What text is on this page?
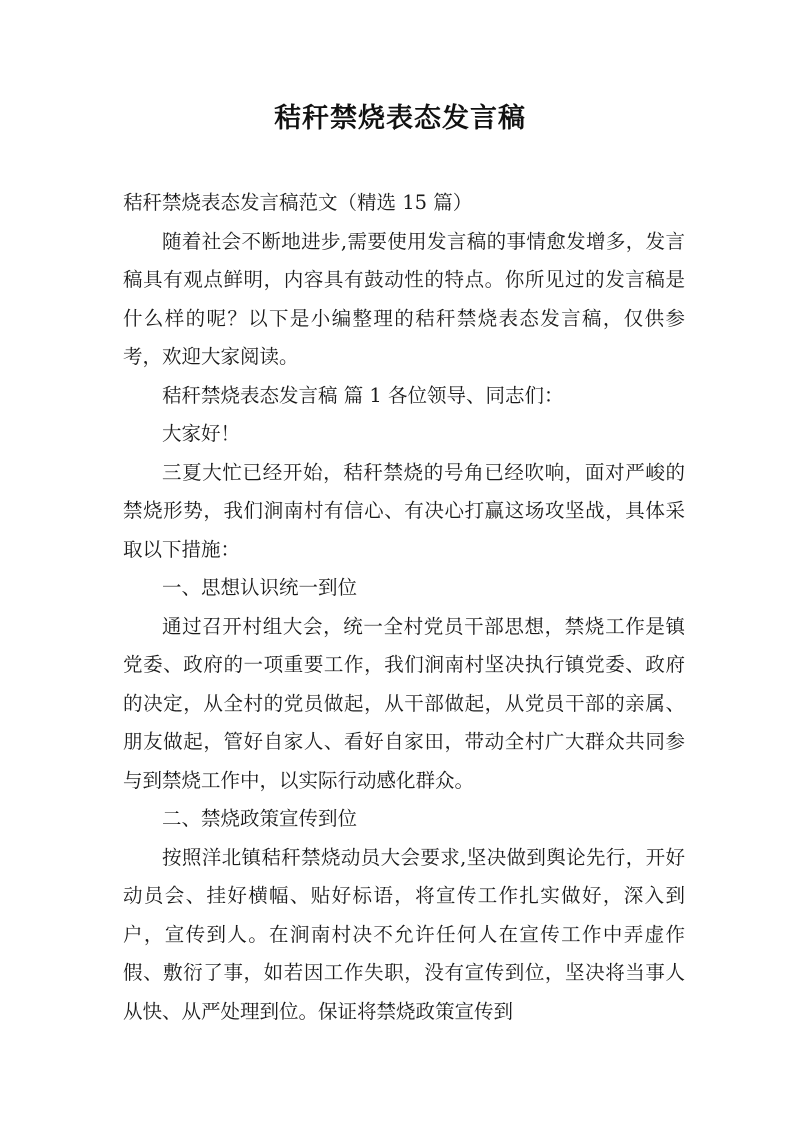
秸秆禁烧表态发言稿

秸秆禁烧表态发言稿范文（精选 15 篇）

随着社会不断地进步,需要使用发言稿的事情愈发增多，发言稿具有观点鲜明，内容具有鼓动性的特点。你所见过的发言稿是什么样的呢？以下是小编整理的秸秆禁烧表态发言稿，仅供参考，欢迎大家阅读。

秸秆禁烧表态发言稿 篇 1 各位领导、同志们：

大家好！

三夏大忙已经开始，秸秆禁烧的号角已经吹响，面对严峻的禁烧形势，我们涧南村有信心、有决心打赢这场攻坚战，具体采取以下措施：

一、思想认识统一到位

通过召开村组大会，统一全村党员干部思想，禁烧工作是镇党委、政府的一项重要工作，我们涧南村坚决执行镇党委、政府的决定，从全村的党员做起，从干部做起，从党员干部的亲属、朋友做起，管好自家人、看好自家田，带动全村广大群众共同参与到禁烧工作中，以实际行动感化群众。

二、禁烧政策宣传到位

按照洋北镇秸秆禁烧动员大会要求,坚决做到舆论先行，开好动员会、挂好横幅、贴好标语，将宣传工作扎实做好，深入到户，宣传到人。在涧南村决不允许任何人在宣传工作中弄虚作假、敷衍了事，如若因工作失职，没有宣传到位，坚决将当事人从快、从严处理到位。保证将禁烧政策宣传到
